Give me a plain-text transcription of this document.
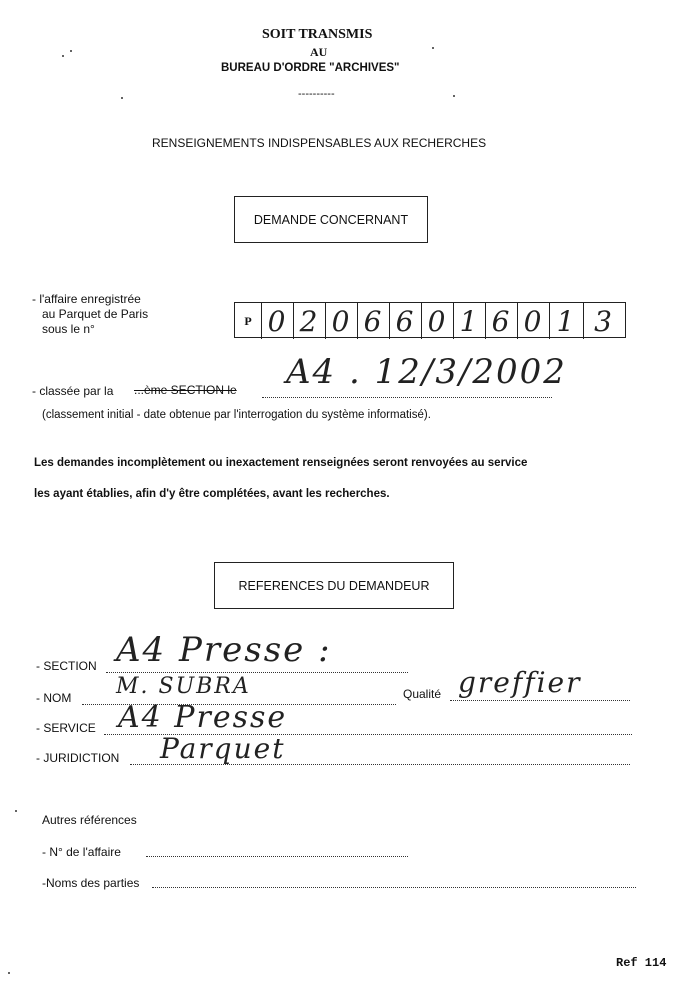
SOIT TRANSMIS
AU
BUREAU D'ORDRE "ARCHIVES"
----------
RENSEIGNEMENTS INDISPENSABLES AUX RECHERCHES
DEMANDE CONCERNANT
- l'affaire enregistrée
au Parquet de Paris
sous le n°
P 0 2 0 6 6 0 1 6 0 1 3
- classée par la ...ème SECTION le A4 . 12/3/2002
(classement initial - date obtenue par l'interrogation du système informatisé).
Les demandes incomplètement ou inexactement renseignées seront renvoyées au service
les ayant établies, afin d'y être complétées, avant les recherches.
REFERENCES DU DEMANDEUR
- SECTION A4 Presse :
- NOM M. SUBRA	Qualité greffier
- SERVICE A4 Presse
- JURIDICTION Parquet
Autres références
- N° de l'affaire
-Noms des parties
Ref 114
